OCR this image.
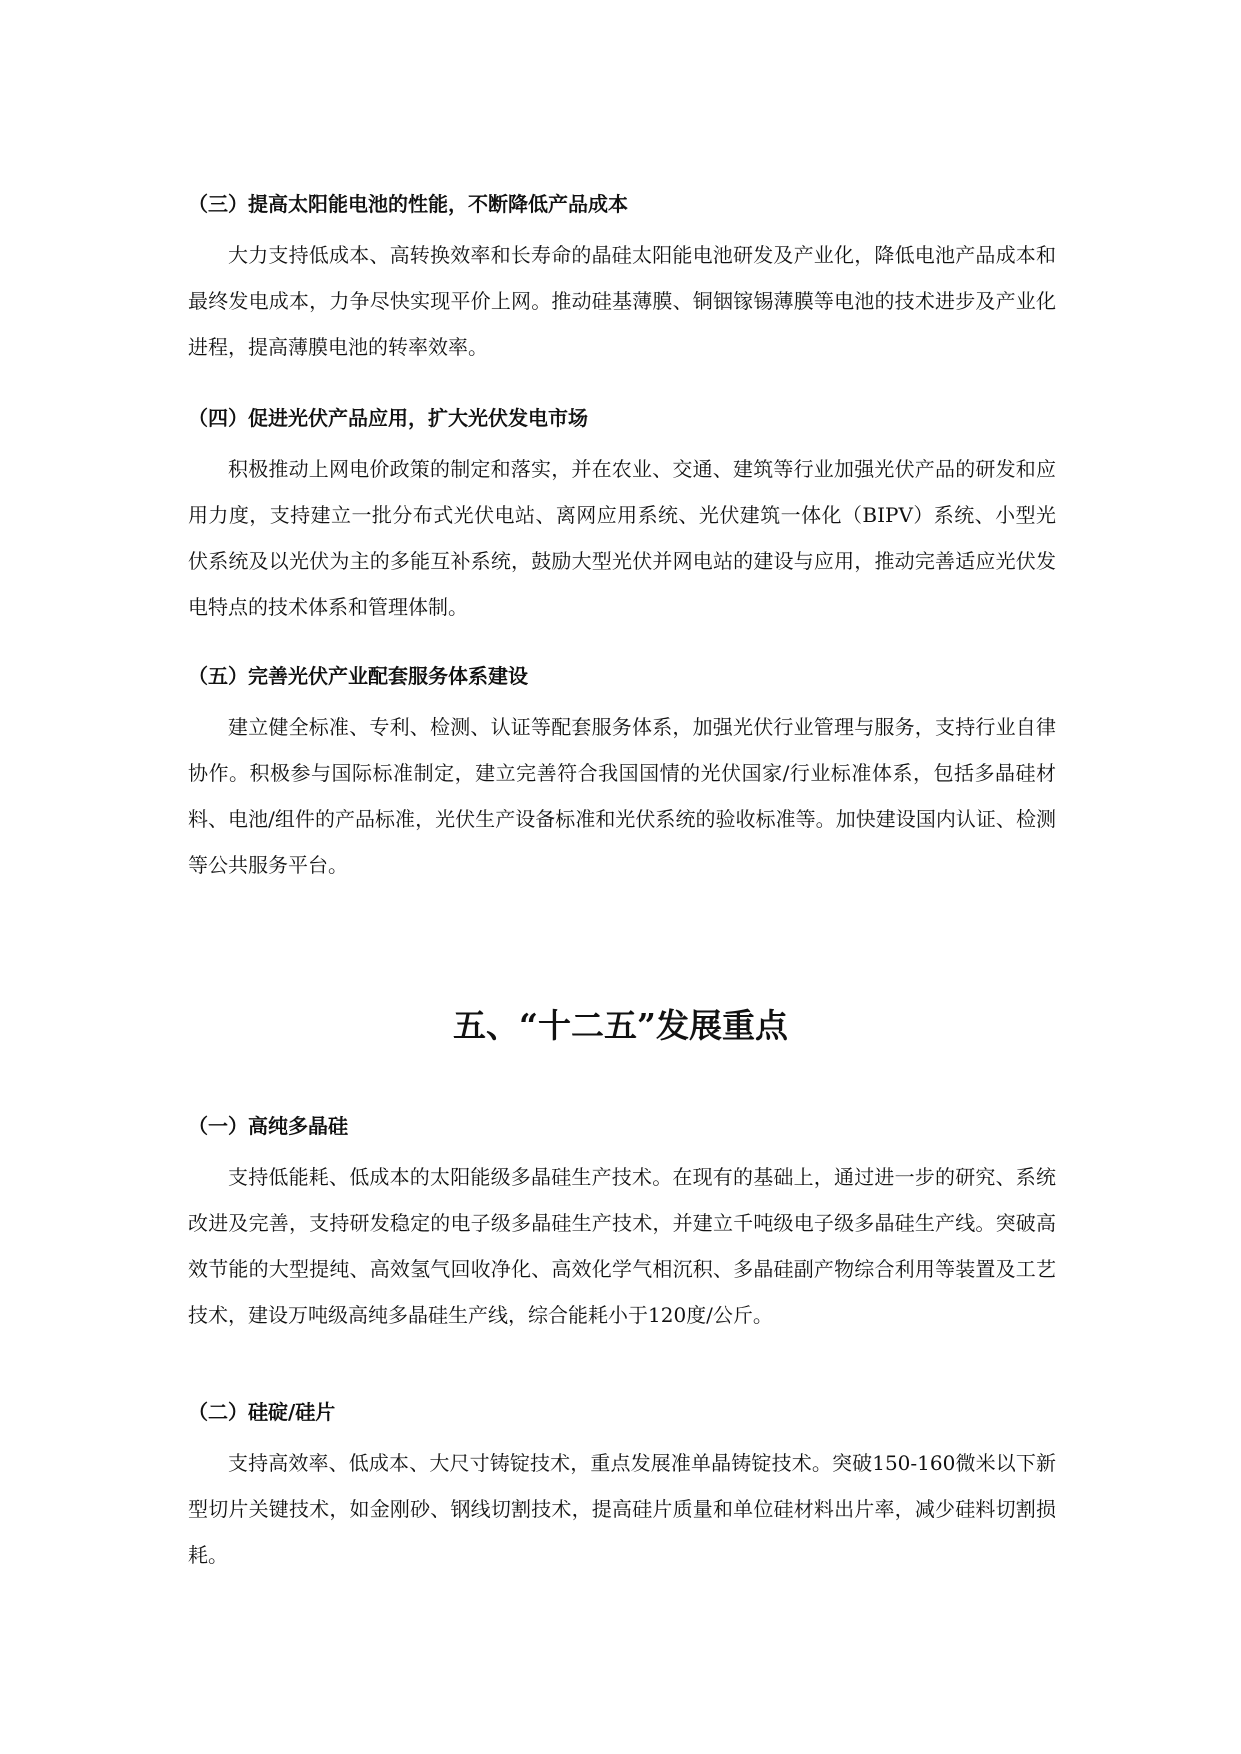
（三）提高太阳能电池的性能，不断降低产品成本

大力支持低成本、高转换效率和长寿命的晶硅太阳能电池研发及产业化，降低电池产品成本和最终发电成本，力争尽快实现平价上网。推动硅基薄膜、铜铟镓锡薄膜等电池的技术进步及产业化进程，提高薄膜电池的转率效率。

（四）促进光伏产品应用，扩大光伏发电市场

积极推动上网电价政策的制定和落实，并在农业、交通、建筑等行业加强光伏产品的研发和应用力度，支持建立一批分布式光伏电站、离网应用系统、光伏建筑一体化（BIPV）系统、小型光伏系统及以光伏为主的多能互补系统，鼓励大型光伏并网电站的建设与应用，推动完善适应光伏发电特点的技术体系和管理体制。

（五）完善光伏产业配套服务体系建设

建立健全标准、专利、检测、认证等配套服务体系，加强光伏行业管理与服务，支持行业自律协作。积极参与国际标准制定，建立完善符合我国国情的光伏国家/行业标准体系，包括多晶硅材料、电池/组件的产品标准，光伏生产设备标准和光伏系统的验收标准等。加快建设国内认证、检测等公共服务平台。

五、“十二五”发展重点

（一）高纯多晶硅

支持低能耗、低成本的太阳能级多晶硅生产技术。在现有的基础上，通过进一步的研究、系统改进及完善，支持研发稳定的电子级多晶硅生产技术，并建立千吨级电子级多晶硅生产线。突破高效节能的大型提纯、高效氢气回收净化、高效化学气相沉积、多晶硅副产物综合利用等装置及工艺技术，建设万吨级高纯多晶硅生产线，综合能耗小于120度/公斤。

（二）硅碇/硅片

支持高效率、低成本、大尺寸铸锭技术，重点发展准单晶铸锭技术。突破150-160微米以下新型切片关键技术，如金刚砂、钢线切割技术，提高硅片质量和单位硅材料出片率，减少硅料切割损耗。
